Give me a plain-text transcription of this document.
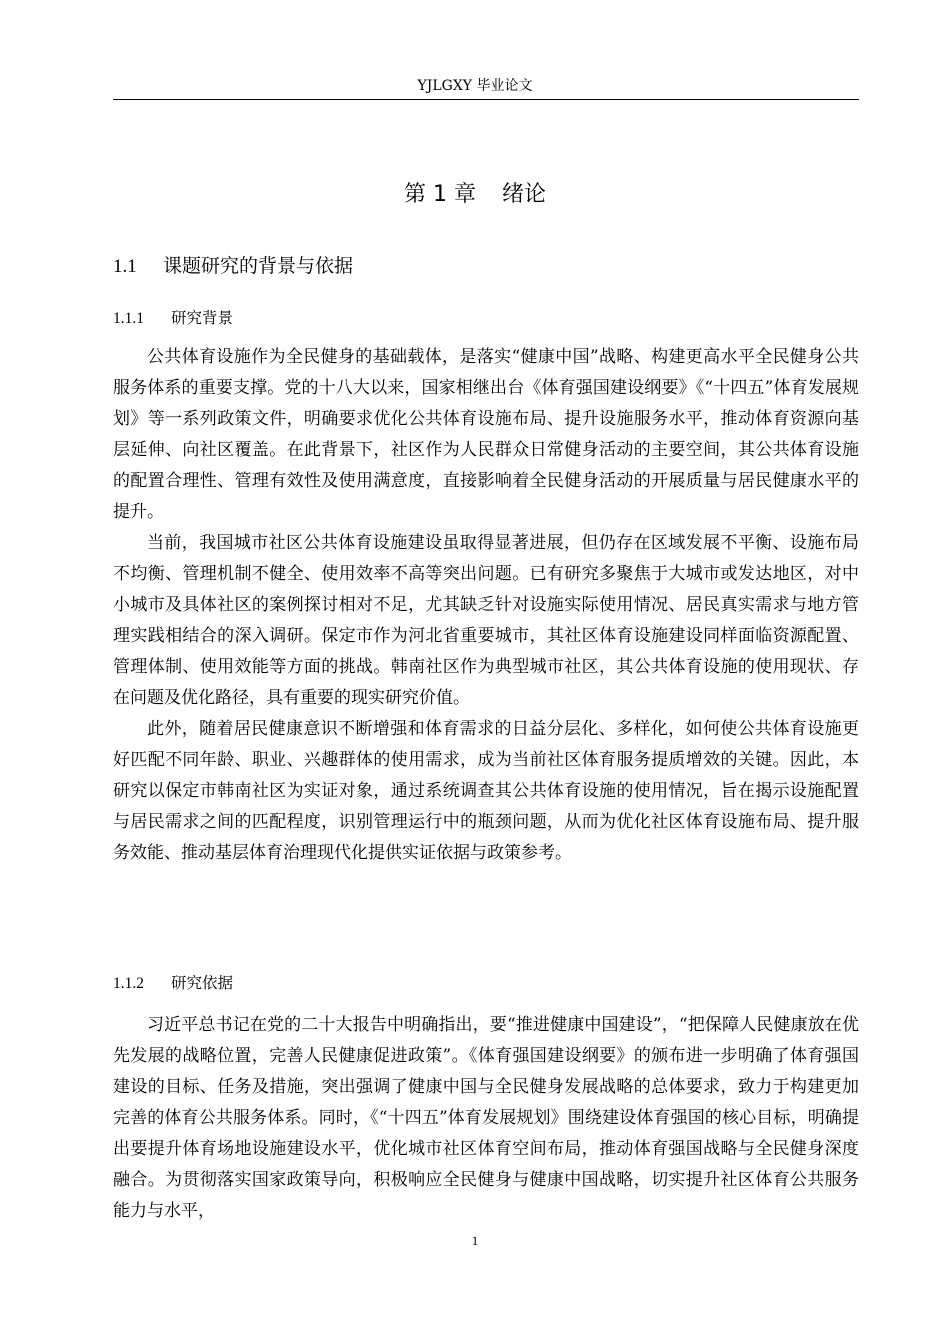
YJLGXY 毕业论文
第 1 章 绪论
1.1 课题研究的背景与依据
1.1.1 研究背景

公共体育设施作为全民健身的基础载体，是落实“健康中国”战略、构建更高水平全民健身公共服务体系的重要支撑。党的十八大以来，国家相继出台《体育强国建设纲要》《“十四五”体育发展规划》等一系列政策文件，明确要求优化公共体育设施布局、提升设施服务水平，推动体育资源向基层延伸、向社区覆盖。在此背景下，社区作为人民群众日常健身活动的主要空间，其公共体育设施的配置合理性、管理有效性及使用满意度，直接影响着全民健身活动的开展质量与居民健康水平的提升。

当前，我国城市社区公共体育设施建设虽取得显著进展，但仍存在区域发展不平衡、设施布局不均衡、管理机制不健全、使用效率不高等突出问题。已有研究多聚焦于大城市或发达地区，对中小城市及具体社区的案例探讨相对不足，尤其缺乏针对设施实际使用情况、居民真实需求与地方管理实践相结合的深入调研。保定市作为河北省重要城市，其社区体育设施建设同样面临资源配置、管理体制、使用效能等方面的挑战。韩南社区作为典型城市社区，其公共体育设施的使用现状、存在问题及优化路径，具有重要的现实研究价值。

此外，随着居民健康意识不断增强和体育需求的日益分层化、多样化，如何使公共体育设施更好匹配不同年龄、职业、兴趣群体的使用需求，成为当前社区体育服务提质增效的关键。因此，本研究以保定市韩南社区为实证对象，通过系统调查其公共体育设施的使用情况，旨在揭示设施配置与居民需求之间的匹配程度，识别管理运行中的瓶颈问题，从而为优化社区体育设施布局、提升服务效能、推动基层体育治理现代化提供实证依据与政策参考。

1.1.2 研究依据

习近平总书记在党的二十大报告中明确指出，要“推进健康中国建设”，“把保障人民健康放在优先发展的战略位置，完善人民健康促进政策”。《体育强国建设纲要》的颁布进一步明确了体育强国建设的目标、任务及措施，突出强调了健康中国与全民健身发展战略的总体要求，致力于构建更加完善的体育公共服务体系。同时，《“十四五”体育发展规划》围绕建设体育强国的核心目标，明确提出要提升体育场地设施建设水平，优化城市社区体育空间布局，推动体育强国战略与全民健身深度融合。为贯彻落实国家政策导向，积极响应全民健身与健康中国战略，切实提升社区体育公共服务能力与水平，

1
